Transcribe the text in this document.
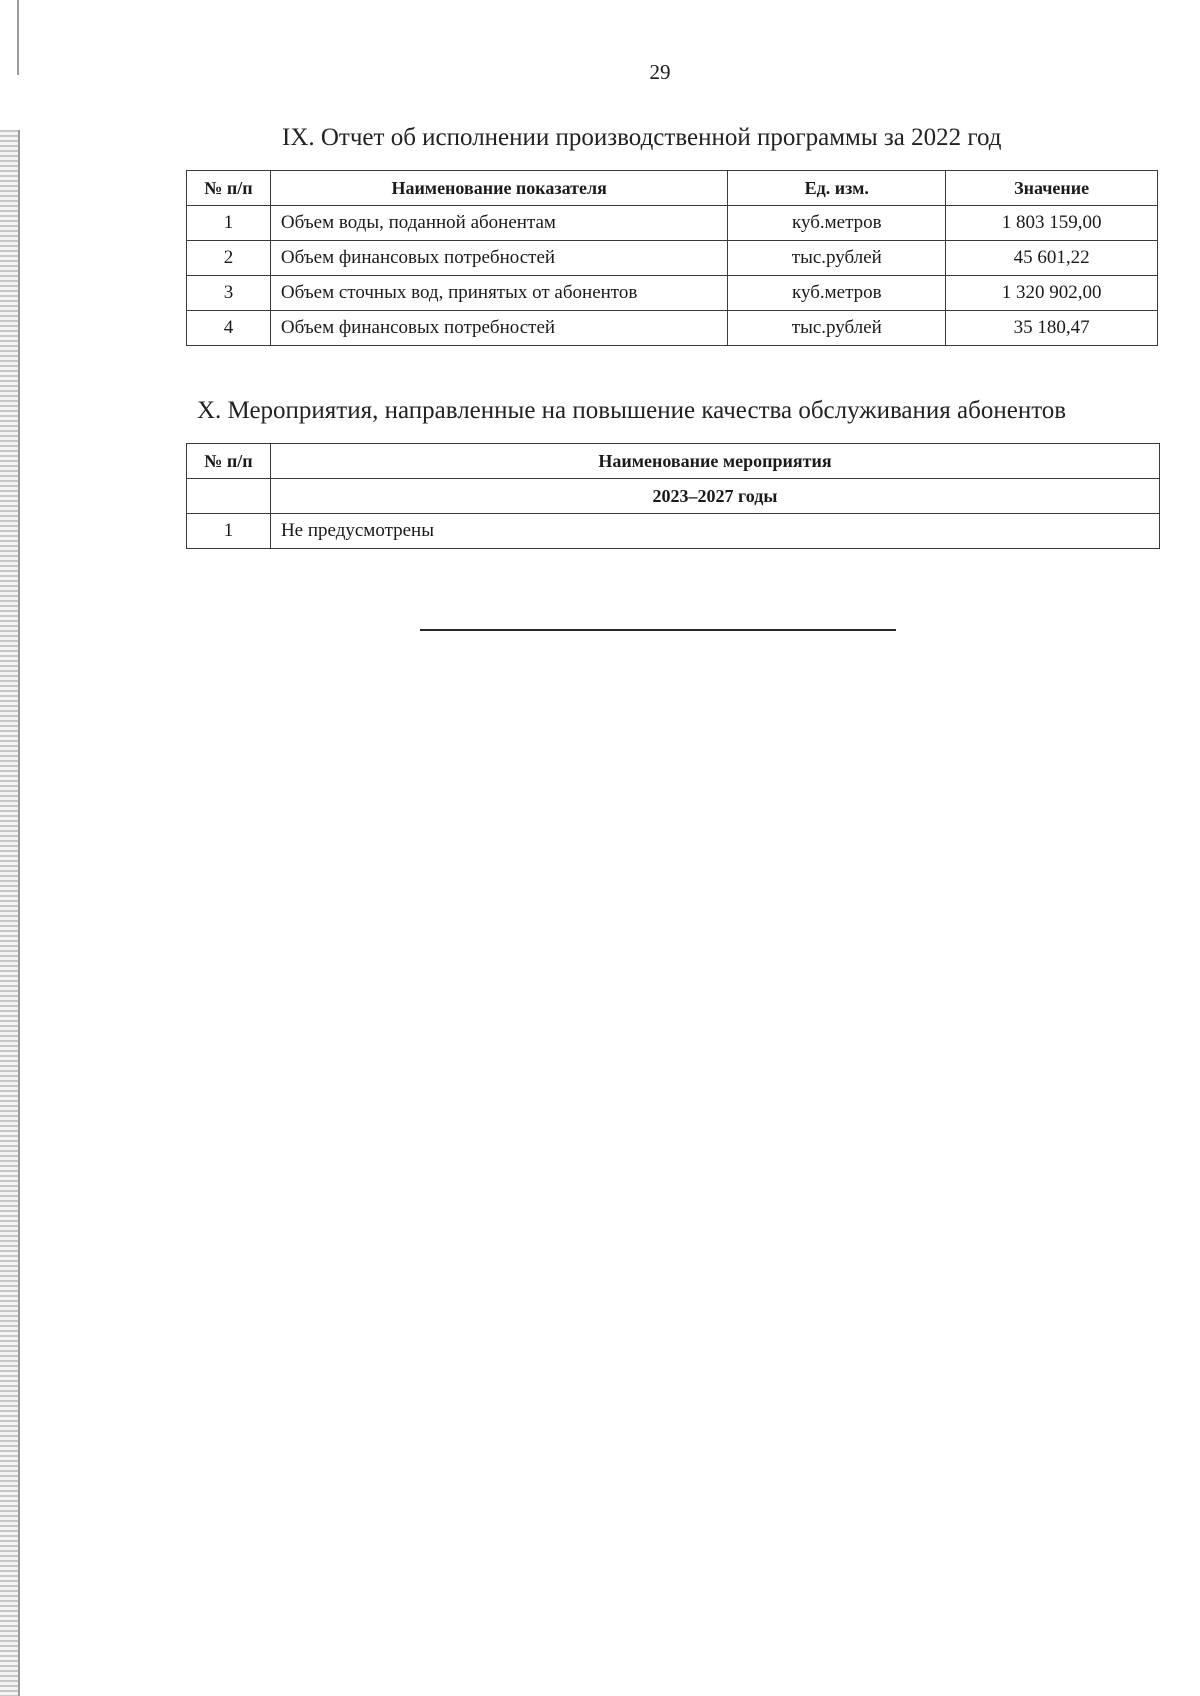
29
IX. Отчет об исполнении производственной программы за 2022 год
№ п/п	Наименование показателя	Ед. изм.	Значение
1	Объем воды, поданной абонентам	куб.метров	1 803 159,00
2	Объем финансовых потребностей	тыс.рублей	45 601,22
3	Объем сточных вод, принятых от абонентов	куб.метров	1 320 902,00
4	Объем финансовых потребностей	тыс.рублей	35 180,47
X. Мероприятия, направленные на повышение качества обслуживания абонентов
№ п/п	Наименование мероприятия
	2023–2027 годы
1	Не предусмотрены
